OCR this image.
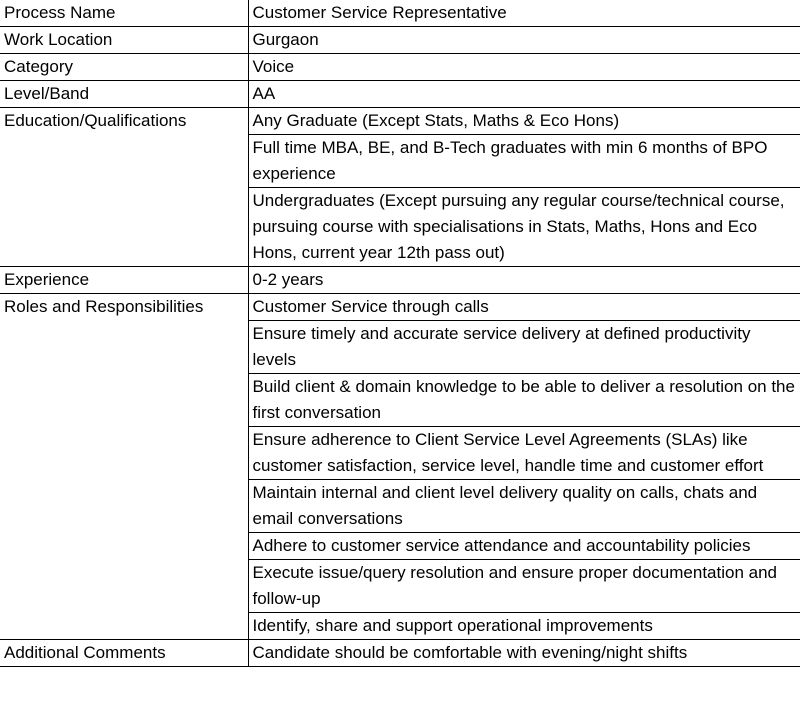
Process Name	Customer Service Representative
Work Location	Gurgaon
Category	Voice
Level/Band	AA
Education/Qualifications	Any Graduate (Except Stats, Maths & Eco Hons)
	Full time MBA, BE, and B-Tech graduates with min 6 months of BPO experience
	Undergraduates (Except pursuing any regular course/technical course, pursuing course with specialisations in Stats, Maths, Hons and Eco Hons, current year 12th pass out)
Experience	0-2 years
Roles and Responsibilities	Customer Service through calls
	Ensure timely and accurate service delivery at defined productivity levels
	Build client & domain knowledge to be able to deliver a resolution on the first conversation
	Ensure adherence to Client Service Level Agreements (SLAs) like customer satisfaction, service level, handle time and customer effort
	Maintain internal and client level delivery quality on calls, chats and email conversations
	Adhere to customer service attendance and accountability policies
	Execute issue/query resolution and ensure proper documentation and follow-up
	Identify, share and support operational improvements
Additional Comments	Candidate should be comfortable with evening/night shifts
